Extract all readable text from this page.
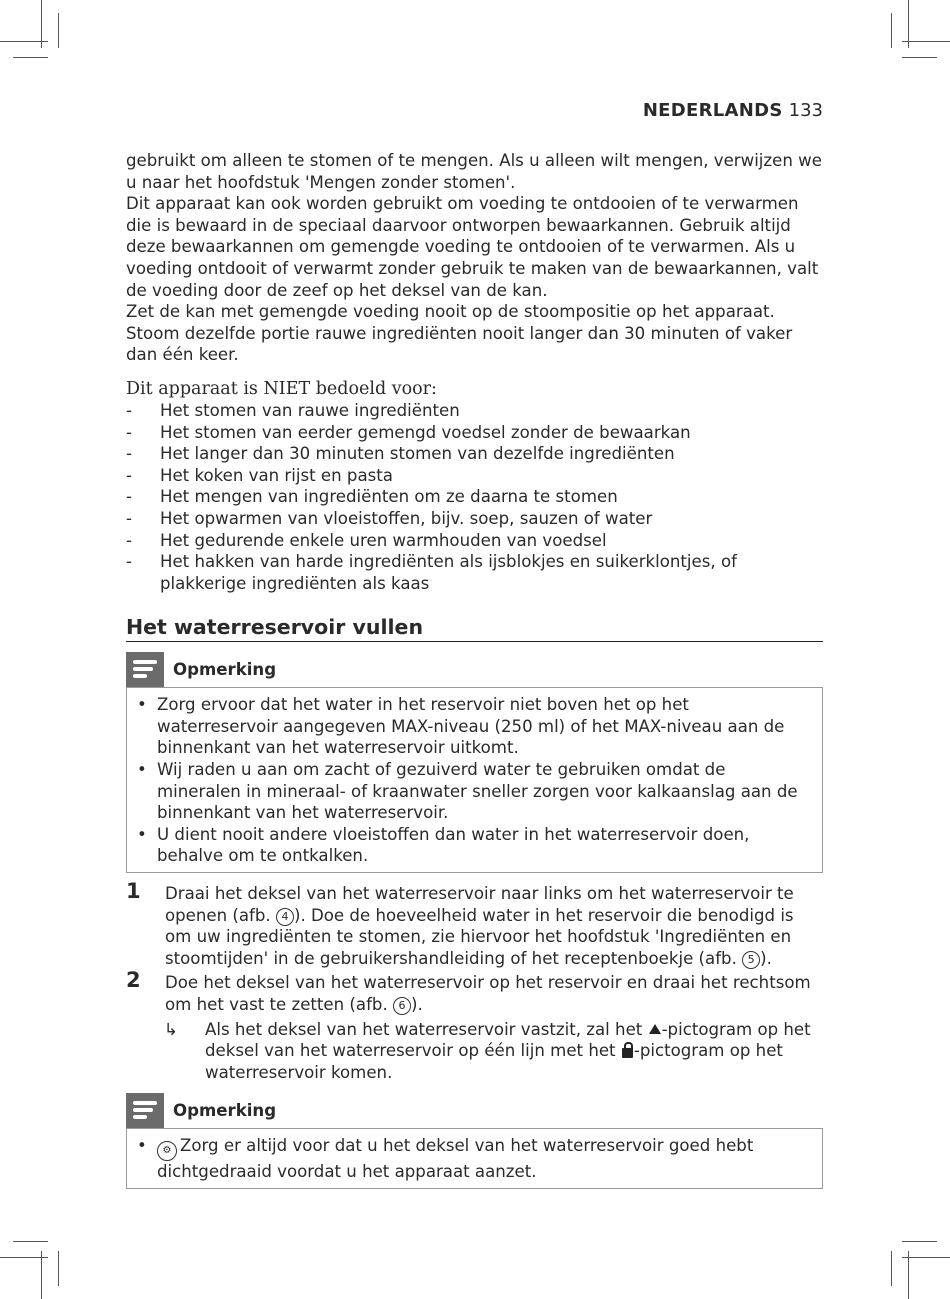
NEDERLANDS 133
gebruikt om alleen te stomen of te mengen. Als u alleen wilt mengen, verwijzen we u naar het hoofdstuk 'Mengen zonder stomen'.
Dit apparaat kan ook worden gebruikt om voeding te ontdooien of te verwarmen die is bewaard in de speciaal daarvoor ontworpen bewaarkannen. Gebruik altijd deze bewaarkannen om gemengde voeding te ontdooien of te verwarmen. Als u voeding ontdooit of verwarmt zonder gebruik te maken van de bewaarkannen, valt de voeding door de zeef op het deksel van de kan.
Zet de kan met gemengde voeding nooit op de stoompositie op het apparaat. Stoom dezelfde portie rauwe ingrediënten nooit langer dan 30 minuten of vaker dan één keer.
Dit apparaat is NIET bedoeld voor:
- Het stomen van rauwe ingrediënten
- Het stomen van eerder gemengd voedsel zonder de bewaarkan
- Het langer dan 30 minuten stomen van dezelfde ingrediënten
- Het koken van rijst en pasta
- Het mengen van ingrediënten om ze daarna te stomen
- Het opwarmen van vloeistoffen, bijv. soep, sauzen of water
- Het gedurende enkele uren warmhouden van voedsel
- Het hakken van harde ingrediënten als ijsblokjes en suikerklontjes, of plakkerige ingrediënten als kaas
Het waterreservoir vullen
Opmerking
• Zorg ervoor dat het water in het reservoir niet boven het op het waterreservoir aangegeven MAX-niveau (250 ml) of het MAX-niveau aan de binnenkant van het waterreservoir uitkomt.
• Wij raden u aan om zacht of gezuiverd water te gebruiken omdat de mineralen in mineraal- of kraanwater sneller zorgen voor kalkaanslag aan de binnenkant van het waterreservoir.
• U dient nooit andere vloeistoffen dan water in het waterreservoir doen, behalve om te ontkalken.
1 Draai het deksel van het waterreservoir naar links om het waterreservoir te openen (afb. 4 ). Doe de hoeveelheid water in het reservoir die benodigd is om uw ingrediënten te stomen, zie hiervoor het hoofdstuk 'Ingrediënten en stoomtijden' in de gebruikershandleiding of het receptenboekje (afb. 5 ).
2 Doe het deksel van het waterreservoir op het reservoir en draai het rechtsom om het vast te zetten (afb. 6 ).
↳ Als het deksel van het waterreservoir vastzit, zal het -pictogram op het deksel van het waterreservoir op één lijn met het
-pictogram op het waterreservoir komen.
Opmerking
• ⚙ Zorg er altijd voor dat u het deksel van het waterreservoir goed hebt dichtgedraaid voordat u het apparaat aanzet.
